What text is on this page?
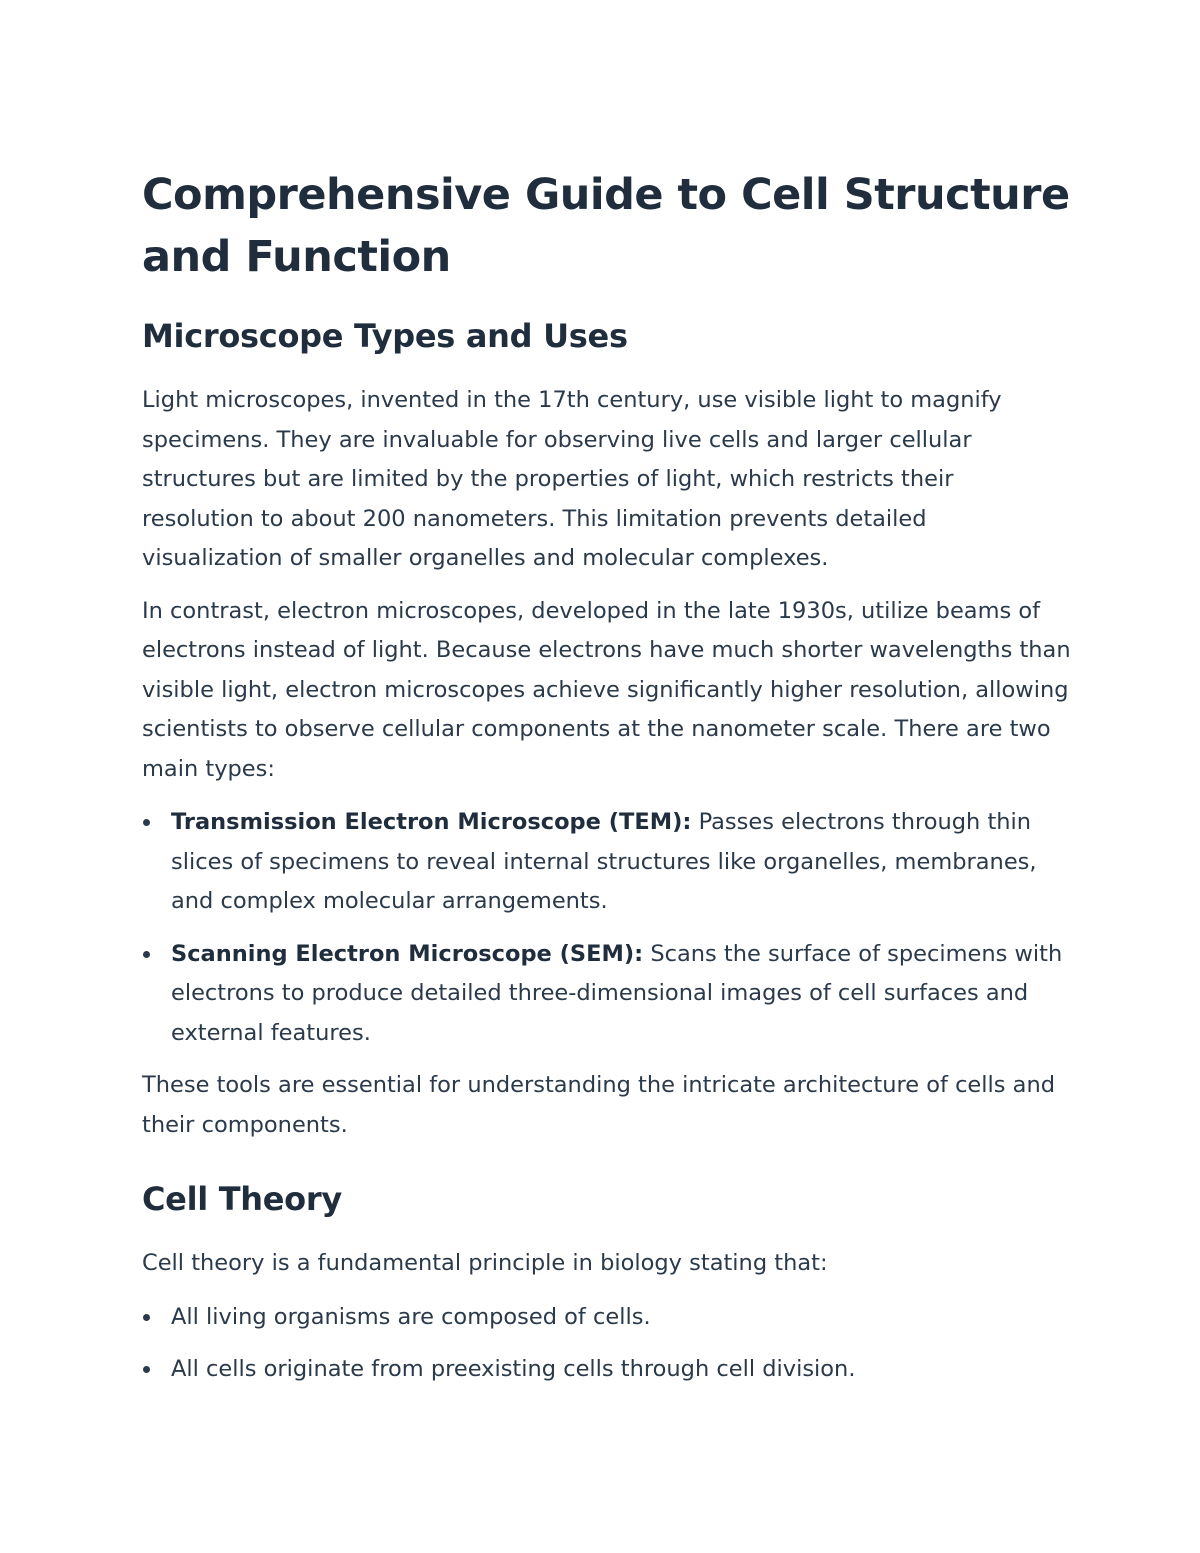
Comprehensive Guide to Cell Structure and Function
Microscope Types and Uses

Light microscopes, invented in the 17th century, use visible light to magnify specimens. They are invaluable for observing live cells and larger cellular structures but are limited by the properties of light, which restricts their resolution to about 200 nanometers. This limitation prevents detailed visualization of smaller organelles and molecular complexes.

In contrast, electron microscopes, developed in the late 1930s, utilize beams of electrons instead of light. Because electrons have much shorter wavelengths than visible light, electron microscopes achieve significantly higher resolution, allowing scientists to observe cellular components at the nanometer scale. There are two main types:

Transmission Electron Microscope (TEM): Passes electrons through thin slices of specimens to reveal internal structures like organelles, membranes, and complex molecular arrangements.
Scanning Electron Microscope (SEM): Scans the surface of specimens with electrons to produce detailed three-dimensional images of cell surfaces and external features.

These tools are essential for understanding the intricate architecture of cells and their components.

Cell Theory

Cell theory is a fundamental principle in biology stating that:

All living organisms are composed of cells.
All cells originate from preexisting cells through cell division.
